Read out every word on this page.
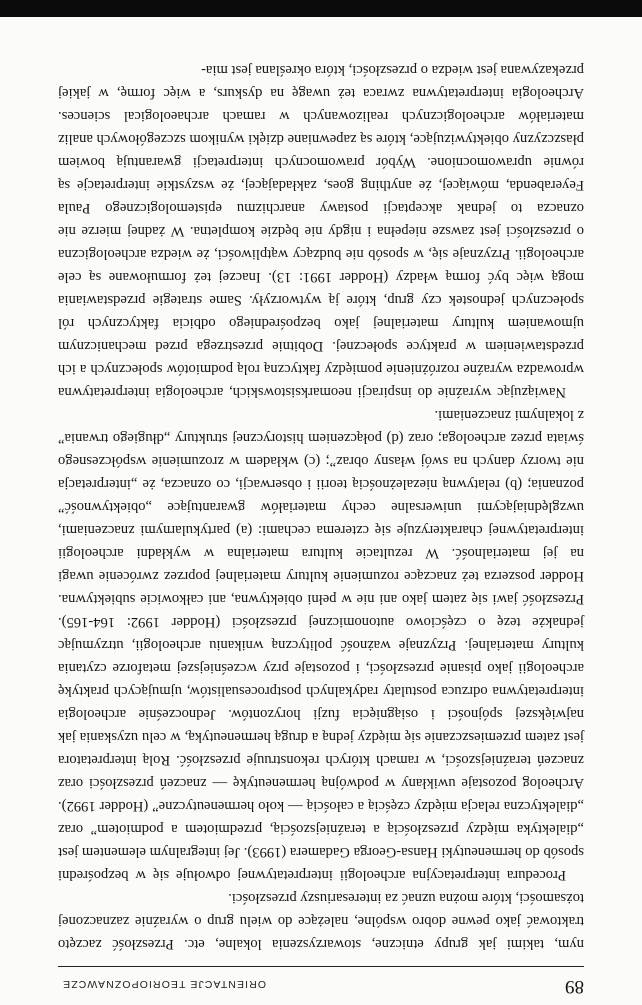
89
ORIENTACJE TEORIOPOZNAWCZE

nym, takimi jak grupy etniczne, stowarzyszenia lokalne, etc. Przeszłość zaczęto traktować jako pewne dobro wspólne, należące do wielu grup o wyraźnie zaznaczonej tożsamości, które można uznać za interesariuszy przeszłości.

Procedura interpretacyjna archeologii interpretatywnej odwołuje się w bezpośredni sposób do hermeneutyki Hansa-Georga Gadamera (1993). Jej integralnym elementem jest „dialektyka między przeszłością a teraźniejszością, przedmiotem a podmiotem” oraz „dialektyczna relacja między częścią a całością — koło hermeneutyczne” (Hodder 1992). Archeolog pozostaje uwikłany w podwójną hermeneutykę — znaczeń przeszłości oraz znaczeń teraźniejszości, w ramach których rekonstruuje przeszłość. Rolą interpretatora jest zatem przemieszczanie się między jedną a drugą hermeneutyką, w celu uzyskania jak największej spójności i osiągnięcia fuzji horyzontów. Jednocześnie archeologia interpretatywna odrzuca postulaty radykalnych postprocesualistów, ujmujących praktykę archeologii jako pisanie przeszłości, i pozostaje przy wcześniejszej metaforze czytania kultury materialnej. Przyznaje ważność polityczną wnikaniu archeologii, utrzymując jednakże tezę o częściowo autonomicznej przeszłości (Hodder 1992: 164-165). Przeszłość jawi się zatem jako ani nie w pełni obiektywna, ani całkowicie subiektywna. Hodder poszerza też znaczące rozumienie kultury materialnej poprzez zwrócenie uwagi na jej materialność. W rezultacie kultura materialna w wykładni archeologii interpretatywnej charakteryzuje się czterema cechami: (a) partykularnymi znaczeniami, uwzględniającymi uniwersalne cechy materiałów gwarantujące „obiektywność” poznania; (b) relatywną niezależnością teorii i obserwacji, co oznacza, że „interpretacja nie tworzy danych na swój własny obraz”; (c) wkładem w zrozumienie współczesnego świata przez archeologa; oraz (d) połączeniem historycznej struktury „długiego trwania” z lokalnymi znaczeniami.

Nawiązując wyraźnie do inspiracji neomarksistowskich, archeologia interpretatywna wprowadza wyraźne rozróżnienie pomiędzy faktyczną rolą podmiotów społecznych a ich przedstawieniem w praktyce społecznej. Dobitnie przestrzega przed mechanicznym ujmowaniem kultury materialnej jako bezpośredniego odbicia faktycznych ról społecznych jednostek czy grup, które ją wytworzyły. Same strategie przedstawiania mogą więc być formą władzy (Hodder 1991: 13). Inaczej też formułowane są cele archeologii. Przyznaje się, w sposób nie budzący wątpliwości, że wiedza archeologiczna o przeszłości jest zawsze niepełna i nigdy nie będzie kompletna. W żadnej mierze nie oznacza to jednak akceptacji postawy anarchizmu epistemologicznego Paula Feyerabenda, mówiącej, że anything goes, zakładającej, że wszystkie interpretacje są równie uprawomocnione. Wybór prawomocnych interpretacji gwarantują bowiem płaszczyzny obiektywizujące, które są zapewniane dzięki wynikom szczegółowych analiz materiałów archeologicznych realizowanych w ramach archaeological sciences. Archeologia interpretatywna zwraca też uwagę na dyskurs, a więc formę, w jakiej przekazywana jest wiedza o przeszłości, która określana jest mia-
